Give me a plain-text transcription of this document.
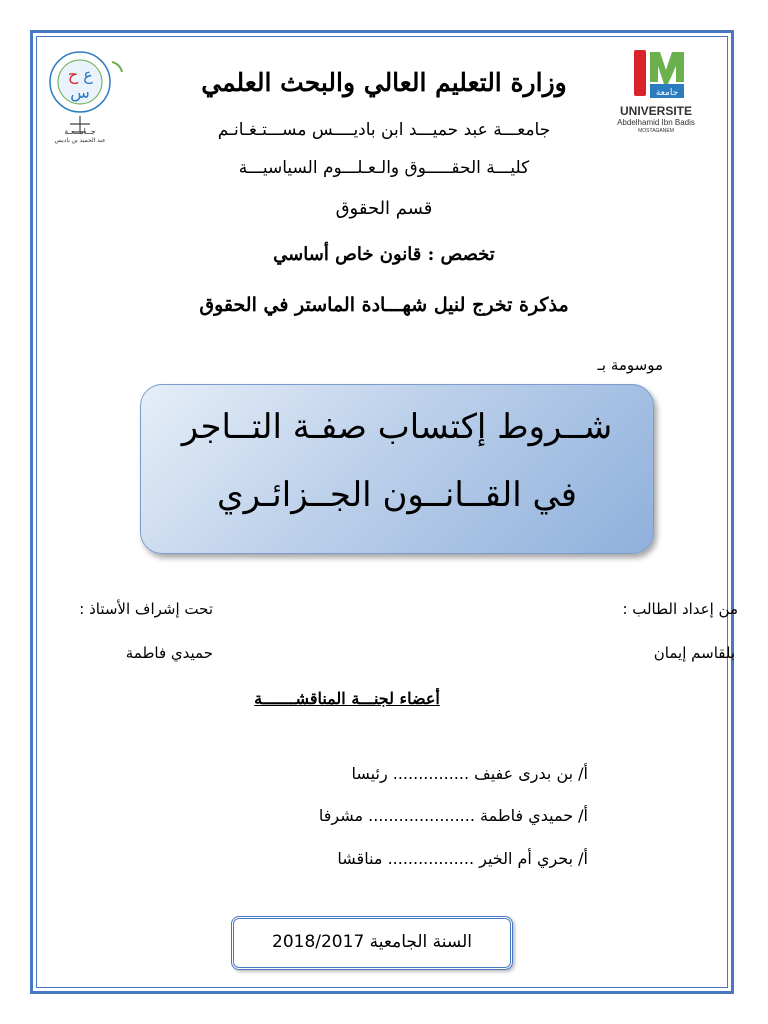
ح ع
س
جــامــعـة
عبد الحميد بن باديس
جامعة
UNIVERSITE
Abdelhamid Ibn Badis
MOSTAGANEM
وزارة التعليم العالي والبحث العلمي
جامعـــة عبد حميـــد ابن باديــــس مســـتـغـانـم
كليـــة الحقـــــوق والـعـلـــوم السياسيـــة
قسم الحقوق
تخصص : قانون خاص أساسي
مذكرة تخرج لنيل شهـــادة الماستر في الحقوق
موسومة بـ
شــروط إكتساب صفـة التــاجر
في القــانــون الجــزائـري
من إعداد الطالب :
بلقاسم إيمان
تحت إشراف الأستاذ :
حميدي فاطمة
أعضاء لجنـــة المناقشـــــــة
أ/ بن بدرى عفيف ............... رئيسا
أ/ حميدي فاطمة ..................... مشرفا
أ/ بحري أم الخير ................. مناقشا
السنة الجامعية 2018/2017
